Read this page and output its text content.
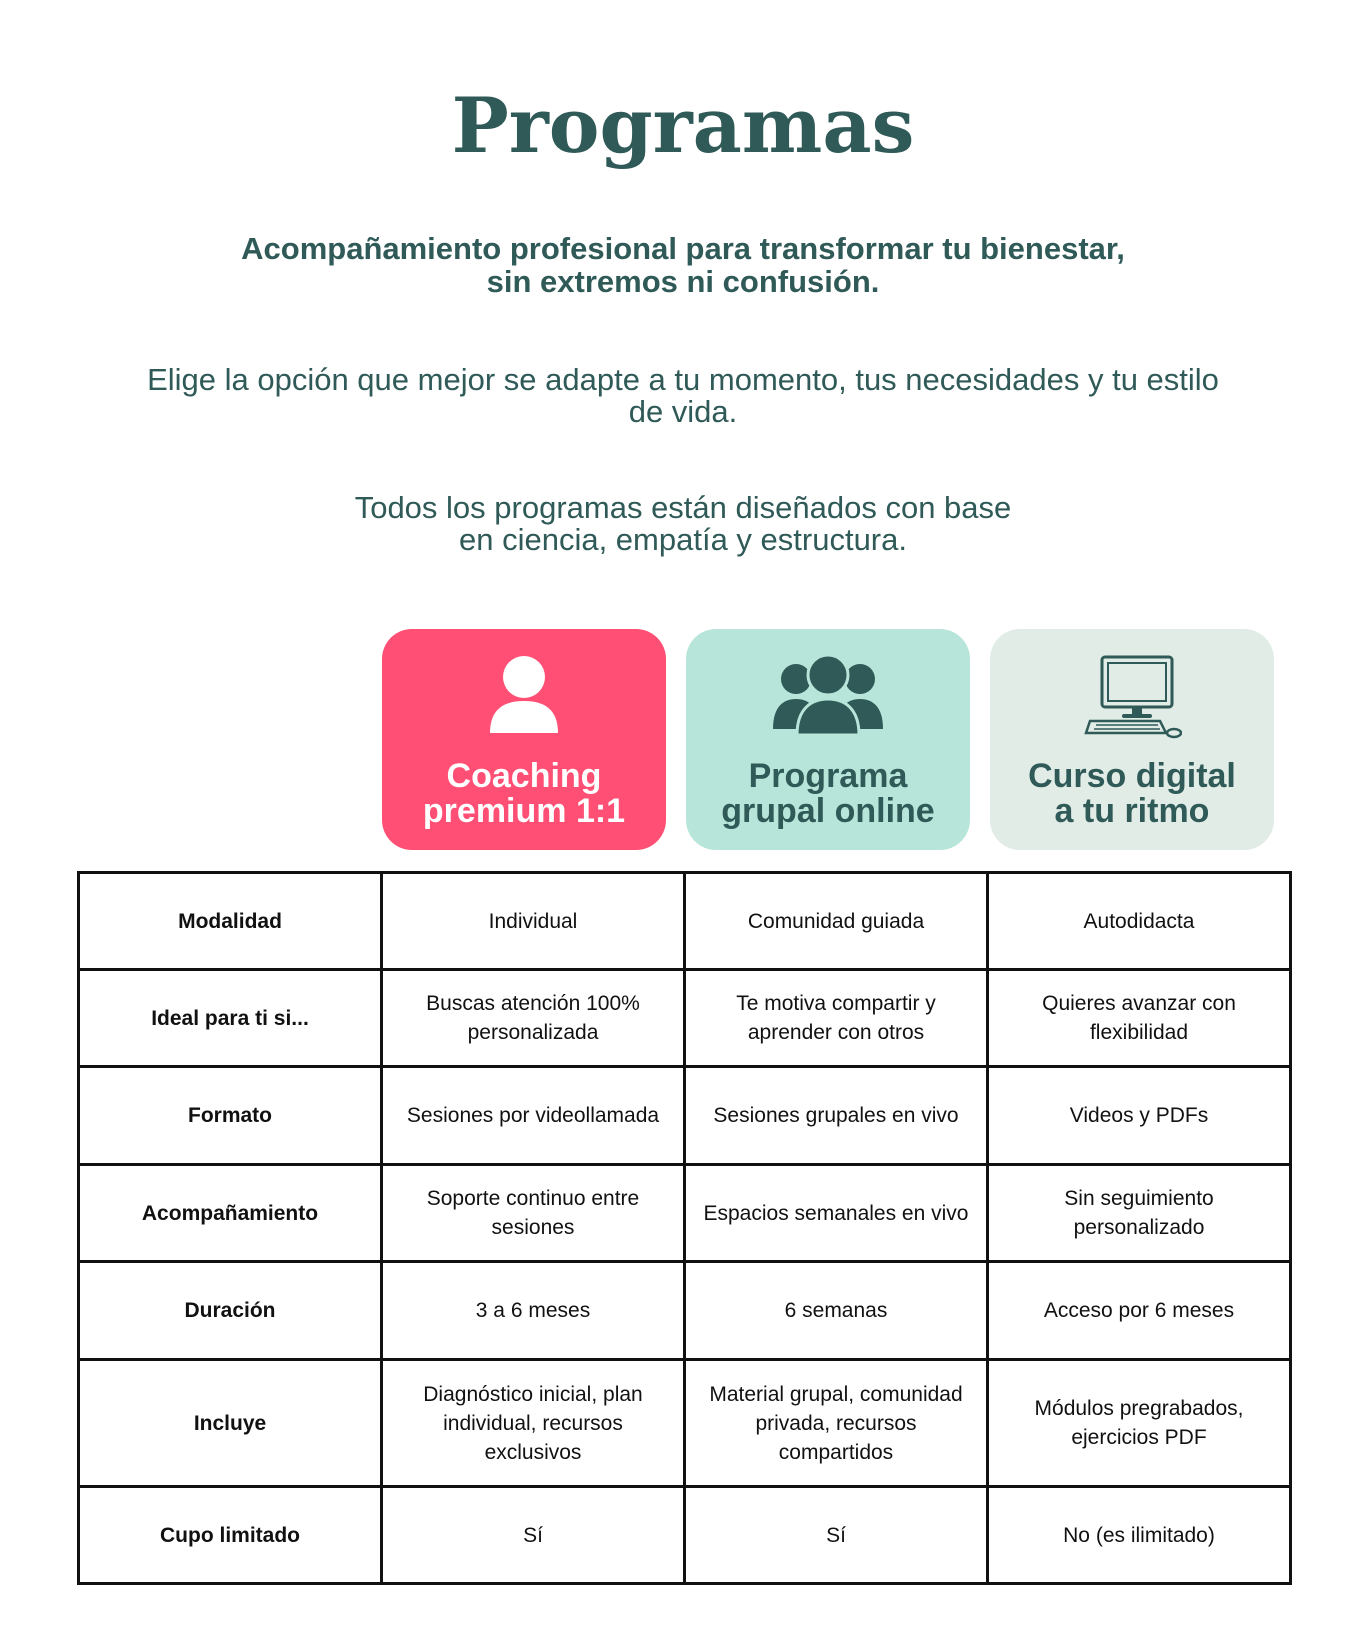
Programas

Acompañamiento profesional para transformar tu bienestar,
sin extremos ni confusión.

Elige la opción que mejor se adapte a tu momento, tus necesidades y tu estilo
de vida.

Todos los programas están diseñados con base
en ciencia, empatía y estructura.

Coaching
premium 1:1

Programa
grupal online

Curso digital
a tu ritmo

Modalidad	Individual	Comunidad guiada	Autodidacta
Ideal para ti si...	Buscas atención 100% personalizada	Te motiva compartir y aprender con otros	Quieres avanzar con flexibilidad
Formato	Sesiones por videollamada	Sesiones grupales en vivo	Videos y PDFs
Acompañamiento	Soporte continuo entre sesiones	Espacios semanales en vivo	Sin seguimiento personalizado
Duración	3 a 6 meses	6 semanas	Acceso por 6 meses
Incluye	Diagnóstico inicial, plan individual, recursos exclusivos	Material grupal, comunidad privada, recursos compartidos	Módulos pregrabados, ejercicios PDF
Cupo limitado	Sí	Sí	No (es ilimitado)
